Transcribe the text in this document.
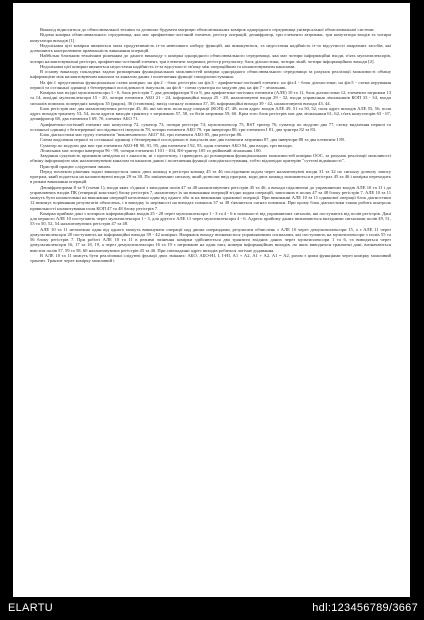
Винахід відноситься до обчислювальної техніки та дозволяє будувати матрицю обчислювальних комірок однорідного середовища універсальної обчислювальної системи.

Відома комірка обчислювального середовища, яка має арифметико-логічний елемент, регістр операцій, дешифратор, три елементи затримки, три комутатора входів та чотири комутатора виходів [1].

Недоліками цієї комірки являються мала продуктивність із-за невеликого набору функцій, які виконуються, та недостатня надійність із-за відсутності апаратних засобів, які дозволяють контролювати правильність виконання операцій.

Найбільш близьким технічним рішенням до даного винаходу є комірка однорідного обчислювального середовища, яка має чотири інформаційні входи, п'ять мультиплексорів, чотири налаштовувальні регістри, арифметико-логічний елемент, три елементи затримки, регістр результату, блок діагностики, чотири ліній, чотири інформаційних виходи [2].

Недоліками цієї комірки являються недостатня надійність із-за відсутності зв'язку між операційним та налаштовувачим каналами.

В основу винаходу покладена задача розширення функціональних можливостей комірки однорідного обчислювального середовища за рахунок реалізації можливості обміну інформацією між налаштовуючим каналом та каналом даних і полегшення функції самодіагностування.

На фіг.1 представлена функціональна схема комірки; на фіг.2 - блок регістрів; на фіг.3 - арифметико-логічний елемент; на фіг.4 - блок діагностики; на фіг.5 - схема керування першої та останньої одиниці з безперервної послідовності імпульсів, на фіг.6 - схема суматора по модулю два, на фіг.7 - лічильник.

Комірка має вхідні мультиплексори 1 - 6, блок регістрів 7, два дешифратори 8 та 9, два арифметико-логічних елементи (АЛЕ) 10 та 11, блок діагностики 12, елементи затримки 13 та 14, вихідні мультиплексори 15 - 20, чотири елементи АБО 21 - 24, інформаційні входи 25 - 28, налаштовуючі входи 29 - 32, входи управління лічильників КОП 33 - 34, входи сигналів помилок попередніх комірок 35 (рядок), 36 (стовпчик), вихід сигналу помилки 37, 38, інформаційні виходи 39 - 42, налаштовуючі виходи 43, 44.

Блок регістрів має два налаштовуючих регістри 45, 46, які містять поля коду операції (КОП) 47, 48, поля адрес входів АЛЕ 49, 51 та 50, 52, поля адрес виходів АЛЕ 55, 56, поля адрес виходів транзиту 53, 54, поля адреси виходів транзиту з затримкою 57, 58, та бітів затримки 59, 60. Крім того блок регістрів має два лічильники 61, 62, п'ять комутаторів 63 - 67, дешифратор 68, два елементи І 69, 70, елемент АБО 71.

Арифметико-логічний елемент має комутатор 72, суматор 73, чотири регістри 74, мультиплексор 75, RST тригер 76, суматор по модулю два 77, схему виділення першої та останньої одиниці з безперервної послідовності імпульсів 78, чотири елементи АБО 79, три інвертори 80, три елементи І 81, два тригера 82 та 83.

Блок діагностики має групу елементів "виключаючого АБО" 84, три елементи АБО 85, два регістри 86.

Схема виділення першої та останньої одиниці з безперервної послідовності імпульсів має два елементи затримки 87, два інвертори 88 та два елементи І 89.

Суматор по модулю два має три елементи АБО-НІ 90, 91, 95, два елементи І 92, 93, один елемент АБО 94, два входи, три виходи.

Лічильник має чотири інвертори 96 - 99, чотири елементи І 101 - 104, RS-тригер 105 та двійковий лічильник 100.

Завдання сукупність признаків невідома ні з аналогів, ні з прототипу, і приводить до розширення функціональних можливостей комірки ООС, за рахунок реалізації можливості обміну інформацією між налаштовуючим каналом та каналом даних і полегшення функції самодіагностування, тобто відповідає критерію "суттєві відмінності".

Пристрій працює слідуючим чином.

Перед початком рішення задачі виконується запис двох команд в регістри команд 45 та 46 послідовним кодом через налаштовуючі входи 31 та 32 по сигналу дозволу запису програм, який подається на налаштовуючі входи 29 та 30. По закінченню сигналу, який дозволяє ввід програм, коди двох команд залишаються в регістрах 45 та 46 і комірка переходить в режим виконання операцій.

Дешифраторами 8 та 9 (схеми 1), входи яких з'єднані з виходами полів 47 та 48 налаштовуючих регістрів 45 та 46, а виходи підключені до управляючих входів АЛЕ 10 та 11 і до управляючих входів ПК (генерації констант) блоку регістрів 7, налаштовує їх на виконання операцій згідно кодам операцій, записаних в полях 47 та 48 блоку регістрів 7. АЛЕ 10 та 11 можуть бути налаштовані на виконання операцій незалежно один від одного або ж на виконання однакової операції. При виконанні АЛЕ 10 та 11 однакової операції блок діагностики 12 виконує порівняння результатів обчислень, і в випадку їх нерівності на виходах помилок 37 та 38 з'являється сигнал помилки. При цьому блок діагностики також робить контроль правильності налаштування поля КОП 47 та 48 блоку регістрів 7.

Комірка приймає дані з чотирьох інформаційних входів 25 - 28 через мультиплексори 1 - 3 та 4 - 6 в залежності від управляючих сигналів, які поступають від полів регістрів. Дані для першого АЛЕ 10 поступають через мультиплексори 1 - 3, для другого АЛЕ 11 через мультиплексори 4 - 6. Адреси прийому даних визначаються вихідними сигналами полів 49, 51, 53 та 50, 52, 54 налаштовуючих регістрів 47 та 48.

АЛЕ 10 та 11 незалежно один від одного можуть виконувати операції над двома операндами, результати обчислень з АЛЕ 10 через демультиплексори 15, а з АЛЕ 11 через демультиплексори 20 поступають на інформаційні виходи 39 - 42 комірки. Напрямок виходу визначається управляючими сигналами, які поступають на мультиплексори з полів 55 та 56 блоку регістрів 7. При роботі АЛЕ 10 та 11 в режимі змінення комірки здійснюється два транзити вхідних даних через мультиплексори 1 та 6, та виводяться через демультиплексори 16, 17 та 18, 19, а через демультиплексори 16 та 19 з затримкою на один такт, номери інформаційних виходів, по яких виводяться транзитні дані, визначаються вмістом полів 57, 59 та 58, 60 налаштовуючих регістрів 45 та 46. При співпаданні адрес виходів робиться логічне додавання.

В АЛЕ 10 та 11 можуть бути реалізовані слідуючі функції двох змінних: АБО, АБО-НІ, І, І-НІ, А1 + А2, А1 + А2, А1 = А2, разом з цими функціями через комірку можливий транзит. Транзит через комірку можливий і

ELARTU	hdl:123456789/3667
